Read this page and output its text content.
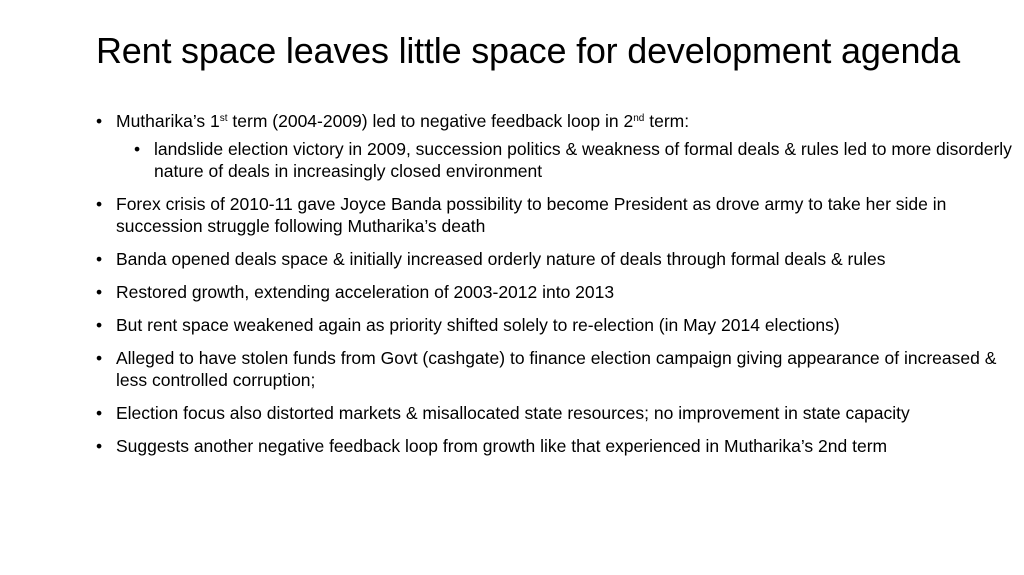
Rent space leaves little space for development agenda
• Mutharika’s 1st term (2004-2009) led to negative feedback loop in 2nd term:
• landslide election victory in 2009, succession politics & weakness of formal deals & rules led to more disorderly nature of deals in increasingly closed environment
• Forex crisis of 2010-11 gave Joyce Banda possibility to become President as drove army to take her side in succession struggle following Mutharika’s death
• Banda opened deals space & initially increased orderly nature of deals through formal deals & rules
• Restored growth, extending acceleration of 2003-2012 into 2013
• But rent space weakened again as priority shifted solely to re-election (in May 2014 elections)
• Alleged to have stolen funds from Govt (cashgate) to finance election campaign giving appearance of increased & less controlled corruption;
• Election focus also distorted markets & misallocated state resources; no improvement in state capacity
• Suggests another negative feedback loop from growth like that experienced in Mutharika’s 2nd term
